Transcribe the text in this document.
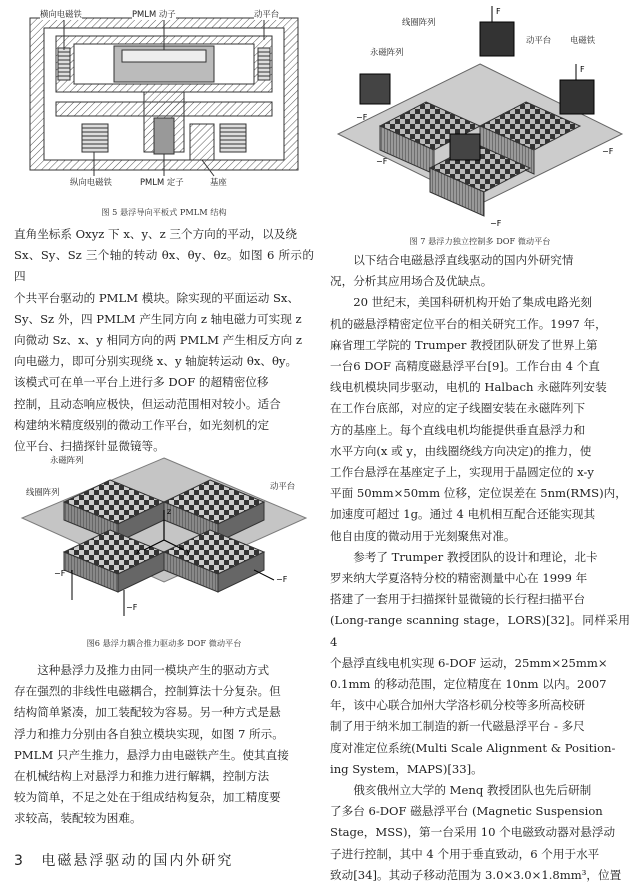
横向电磁铁	PMLM 动子	动平台
纵向电磁铁	PMLM 定子	基座

图 5 悬浮导向平板式 PMLM 结构

直角坐标系 Oxyz 下 x、y、z 三个方向的平动，以及绕

Sx、Sy、Sz 三个轴的转动 θx、θy、θz。如图 6 所示的四

个共平台驱动的 PMLM 模块。除实现的平面运动 Sx、

Sy、Sz 外，四 PMLM 产生同方向 z 轴电磁力可实现 z

向微动 Sz、x、y 相同方向的两 PMLM 产生相反方向 z

向电磁力，即可分别实现绕 x、y 轴旋转运动 θx、θy。

该模式可在单一平台上进行多 DOF 的超精密位移

控制，且动态响应极快，但运动范围相对较小。适合

构建纳米精度级别的微动工作平台，如光刻机的定

位平台、扫描探针显微镜等。

z
y
x
−F
−F
−F
永磁阵列
线圈阵列
动平台

图6 悬浮力耦合推力驱动多 DOF 微动平台

这种悬浮力及推力由同一模块产生的驱动方式

存在强烈的非线性电磁耦合，控制算法十分复杂。但

结构简单紧凑，加工装配较为容易。另一种方式是悬

浮力和推力分别由各自独立模块实现，如图 7 所示。

PMLM 只产生推力，悬浮力由电磁铁产生。使其直接

在机械结构上对悬浮力和推力进行解耦，控制方法

较为简单，不足之处在于组成结构复杂，加工精度要

求较高，装配较为困难。

3 电磁悬浮驱动的国内外研究
F
F
−F
−F
−F
−F
线圈阵列
永磁阵列
动平台 电磁铁

图 7 悬浮力独立控制多 DOF 微动平台

以下结合电磁悬浮直线驱动的国内外研究情

况，分析其应用场合及优缺点。

20 世纪末，美国科研机构开始了集成电路光刻

机的磁悬浮精密定位平台的相关研究工作。1997 年，

麻省理工学院的 Trumper 教授团队研发了世界上第

一台6 DOF 高精度磁悬浮平台[9]。工作台由 4 个直

线电机模块同步驱动，电机的 Halbach 永磁阵列安装

在工作台底部，对应的定子线圈安装在永磁阵列下

方的基座上。每个直线电机均能提供垂直悬浮力和

水平方向(x 或 y，由线圈绕线方向决定)的推力，使

工作台悬浮在基座定子上，实现用于晶圆定位的 x-y

平面 50mm×50mm 位移，定位误差在 5nm(RMS)内，

加速度可超过 1g。通过 4 电机相互配合还能实现其

他自由度的微动用于光刻聚焦对准。

参考了 Trumper 教授团队的设计和理论，北卡

罗来纳大学夏洛特分校的精密测量中心在 1999 年

搭建了一套用于扫描探针显微镜的长行程扫描平台

(Long-range scanning stage，LORS)[32]。同样采用 4

个悬浮直线电机实现 6-DOF 运动，25mm×25mm×

0.1mm 的移动范围，定位精度在 10nm 以内。2007

年，该中心联合加州大学洛杉矶分校等多所高校研

制了用于纳米加工制造的新一代磁悬浮平台 - 多尺

度对准定位系统(Multi Scale Alignment & Position-

ing System，MAPS)[33]。

俄亥俄州立大学的 Menq 教授团队也先后研制

了多台 6-DOF 磁悬浮平台 (Magnetic Suspension

Stage，MSS)，第一台采用 10 个电磁致动器对悬浮动

子进行控制，其中 4 个用于垂直致动，6 个用于水平

致动[34]。其动子移动范围为 3.0×3.0×1.8mm³，位置
